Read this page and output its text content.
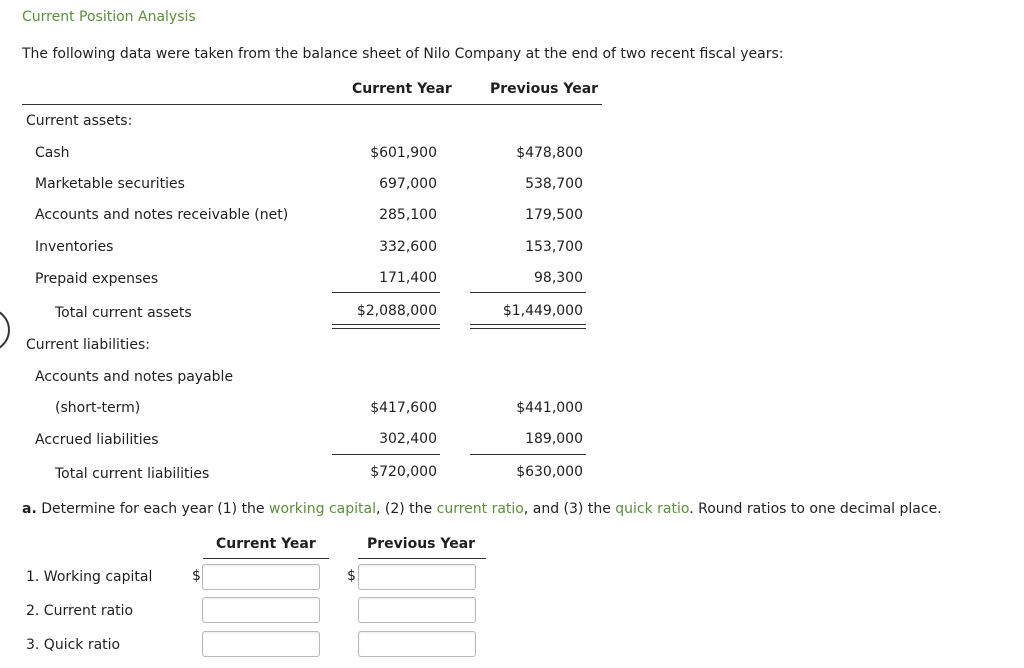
Current Position Analysis
The following data were taken from the balance sheet of Nilo Company at the end of two recent fiscal years:
Current Year	Previous Year
Current assets:
Cash	$601,900	$478,800
Marketable securities	697,000	538,700
Accounts and notes receivable (net)	285,100	179,500
Inventories	332,600	153,700
Prepaid expenses	171,400	98,300
Total current assets	$2,088,000	$1,449,000
Current liabilities:
Accounts and notes payable
(short-term)	$417,600	$441,000
Accrued liabilities	302,400	189,000
Total current liabilities	$720,000	$630,000
a. Determine for each year (1) the working capital, (2) the current ratio, and (3) the quick ratio. Round ratios to one decimal place.
Current Year	Previous Year
1. Working capital	$	$
2. Current ratio
3. Quick ratio
